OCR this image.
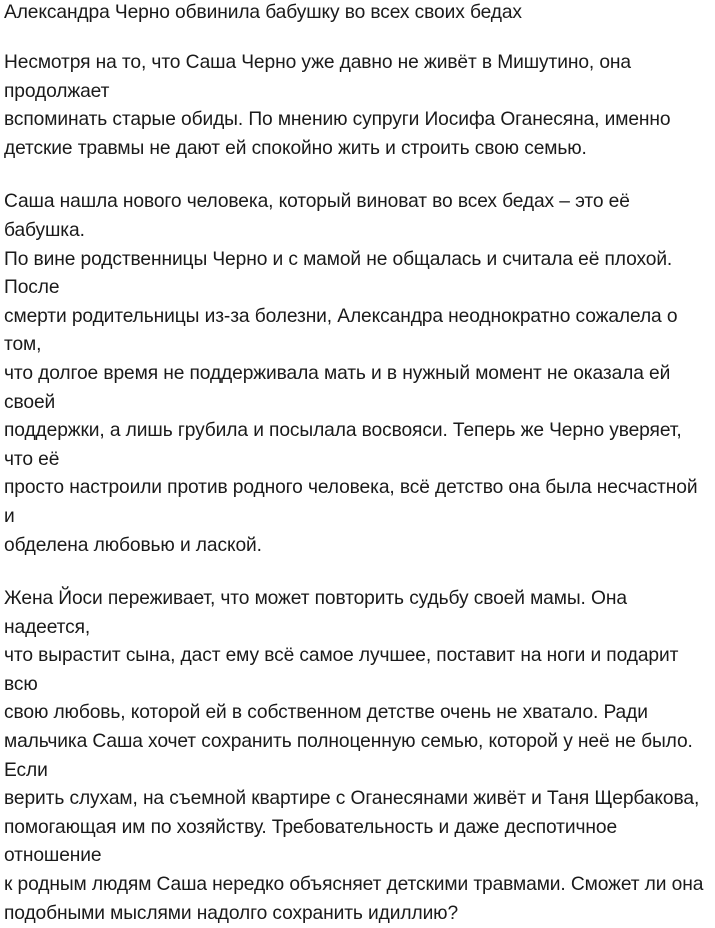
Александра Черно обвинила бабушку во всех своих бедах
Несмотря на то, что Саша Черно уже давно не живёт в Мишутино, она продолжает
вспоминать старые обиды. По мнению супруги Иосифа Оганесяна, именно
детские травмы не дают ей спокойно жить и строить свою семью.
Саша нашла нового человека, который виноват во всех бедах – это её бабушка.
По вине родственницы Черно и с мамой не общалась и считала её плохой. После
смерти родительницы из-за болезни, Александра неоднократно сожалела о том,
что долгое время не поддерживала мать и в нужный момент не оказала ей своей
поддержки, а лишь грубила и посылала восвояси. Теперь же Черно уверяет, что её
просто настроили против родного человека, всё детство она была несчастной и
обделена любовью и лаской.
Жена Йоси переживает, что может повторить судьбу своей мамы. Она надеется,
что вырастит сына, даст ему всё самое лучшее, поставит на ноги и подарит всю
свою любовь, которой ей в собственном детстве очень не хватало. Ради
мальчика Саша хочет сохранить полноценную семью, которой у неё не было. Если
верить слухам, на съемной квартире с Оганесянами живёт и Таня Щербакова,
помогающая им по хозяйству. Требовательность и даже деспотичное отношение
к родным людям Саша нередко объясняет детскими травмами. Сможет ли она
подобными мыслями надолго сохранить идиллию?
